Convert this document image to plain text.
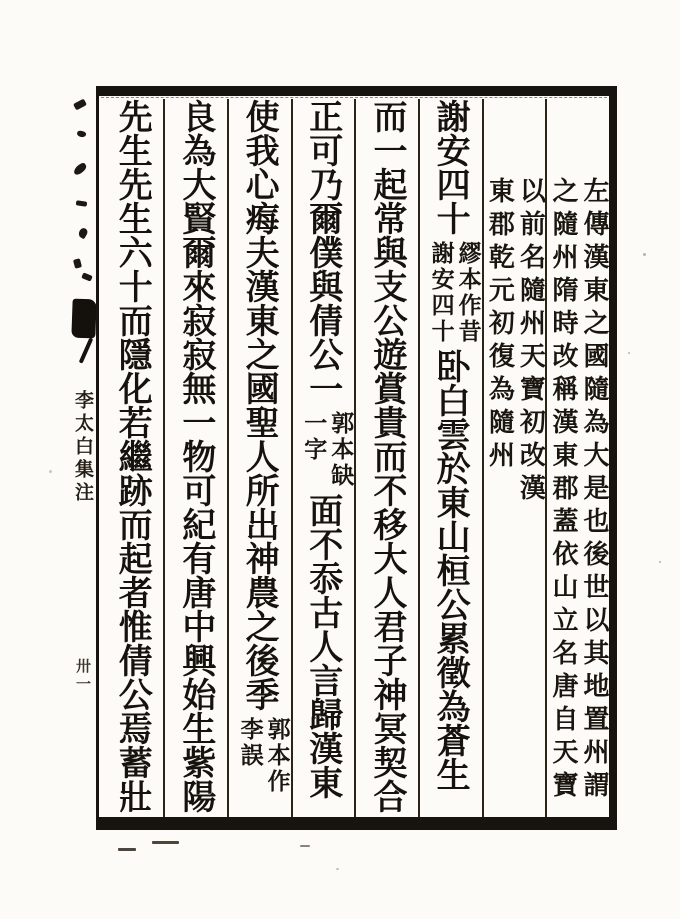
李太白集注
卅一	左傳漢東之國隨為大是也後世以其地置州謂
之隨州隋時改稱漢東郡蓋依山立名唐自天寶
以前名隨州天寶初改漢
東郡乾元初復為隨州
謝安四十
繆本作昔
謝安四十
卧白雲於東山桓公累徵為蒼生
而一起常與支公遊賞貴而不移大人君子神冥契合
正可乃爾僕與倩公一
郭本缺
一字
面不忝古人言歸漢東
使我心痗夫漢東之國聖人所出神農之後季
郭本作
李誤
良為大賢爾來寂寂無一物可紀有唐中興始生紫陽
先生先生六十而隱化若繼跡而起者惟倩公焉蓄壯
